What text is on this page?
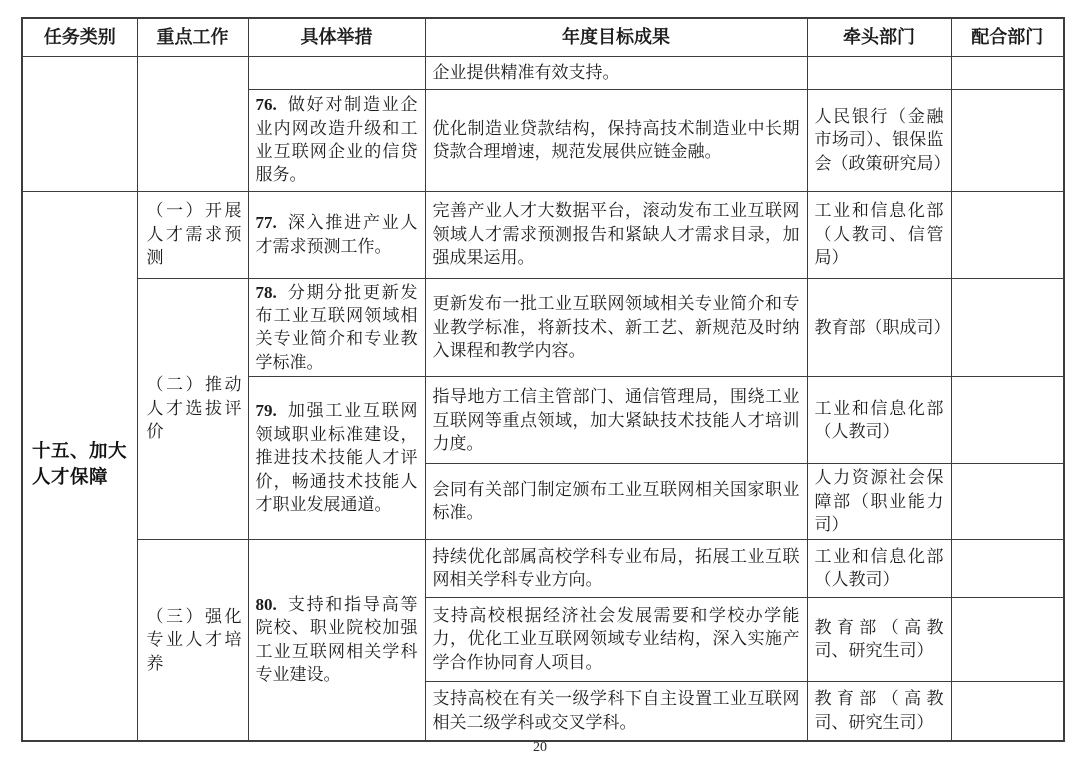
任务类别	重点工作	具体举措	年度目标成果	牵头部门	配合部门
			企业提供精准有效支持。		
		76. 做好对制造业企业内网改造升级和工业互联网企业的信贷服务。	优化制造业贷款结构，保持高技术制造业中长期贷款合理增速，规范发展供应链金融。	人民银行（金融市场司）、银保监会（政策研究局）	
十五、加大人才保障	（一）开展人才需求预测	77. 深入推进产业人才需求预测工作。	完善产业人才大数据平台，滚动发布工业互联网领域人才需求预测报告和紧缺人才需求目录，加强成果运用。	工业和信息化部（人教司、信管局）	
	（二）推动人才选拔评价	78. 分期分批更新发布工业互联网领域相关专业简介和专业教学标准。	更新发布一批工业互联网领域相关专业简介和专业教学标准，将新技术、新工艺、新规范及时纳入课程和教学内容。	教育部（职成司）	
		79. 加强工业互联网领域职业标准建设，推进技术技能人才评价，畅通技术技能人才职业发展通道。	指导地方工信主管部门、通信管理局，围绕工业互联网等重点领域，加大紧缺技术技能人才培训力度。	工业和信息化部（人教司）	
			会同有关部门制定颁布工业互联网相关国家职业标准。	人力资源社会保障部（职业能力司）	
	（三）强化专业人才培养	80. 支持和指导高等院校、职业院校加强工业互联网相关学科专业建设。	持续优化部属高校学科专业布局，拓展工业互联网相关学科专业方向。	工业和信息化部（人教司）	
			支持高校根据经济社会发展需要和学校办学能力，优化工业互联网领域专业结构，深入实施产学合作协同育人项目。	教育部（高教司、研究生司）	
			支持高校在有关一级学科下自主设置工业互联网相关二级学科或交叉学科。	教育部（高教司、研究生司）	
20
